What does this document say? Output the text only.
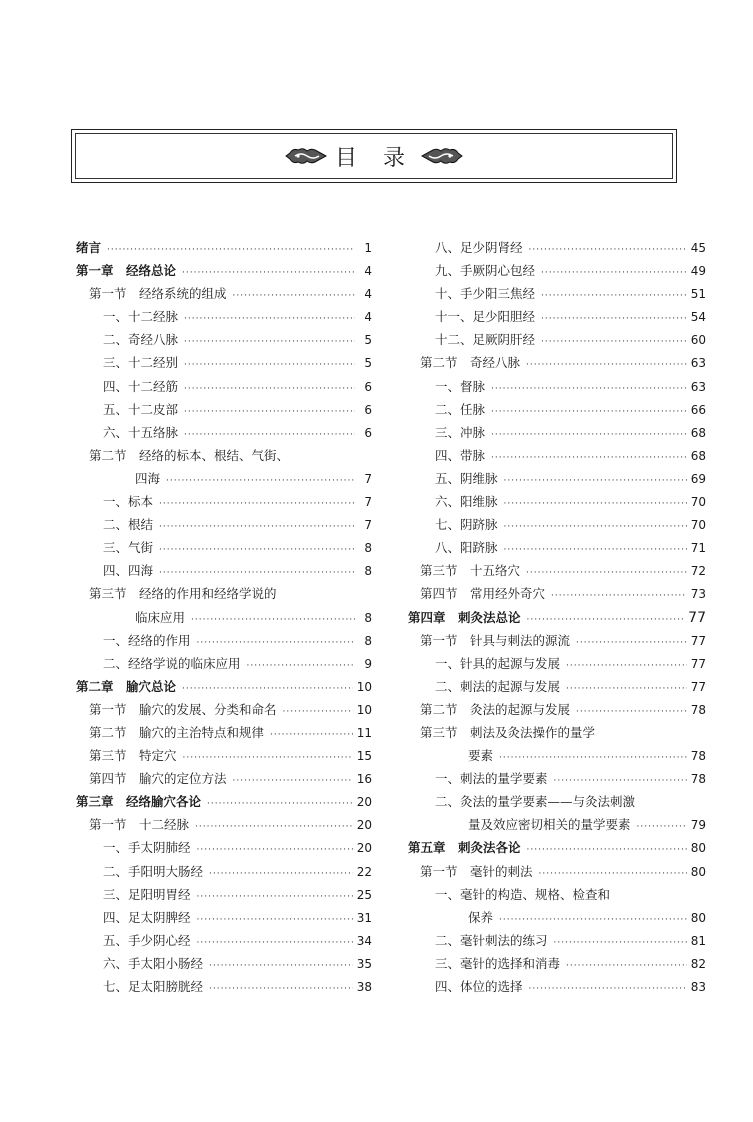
目录
绪言 ·····	1
第一章　经络总论 ·····	4
第一节　经络系统的组成 ·····	4
一、十二经脉 ·····	4
二、奇经八脉 ·····	5
三、十二经别 ·····	5
四、十二经筋 ·····	6
五、十二皮部 ·····	6
六、十五络脉 ·····	6
第二节　经络的标本、根结、气街、
四海 ·····	7
一、标本 ·····	7
二、根结 ·····	7
三、气街 ·····	8
四、四海 ·····	8
第三节　经络的作用和经络学说的
临床应用 ·····	8
一、经络的作用 ·····	8
二、经络学说的临床应用 ·····	9
第二章　腧穴总论 ·····	10
第一节　腧穴的发展、分类和命名 ·····	10
第二节　腧穴的主治特点和规律 ·····	11
第三节　特定穴 ·····	15
第四节　腧穴的定位方法 ·····	16
第三章　经络腧穴各论 ·····	20
第一节　十二经脉 ·····	20
一、手太阴肺经 ·····	20
二、手阳明大肠经 ·····	22
三、足阳明胃经 ·····	25
四、足太阴脾经 ·····	31
五、手少阴心经 ·····	34
六、手太阳小肠经 ·····	35
七、足太阳膀胱经 ·····	38
八、足少阴肾经 ·····	45
九、手厥阴心包经 ·····	49
十、手少阳三焦经 ·····	51
十一、足少阳胆经 ·····	54
十二、足厥阴肝经 ·····	60
第二节　奇经八脉 ·····	63
一、督脉 ·····	63
二、任脉 ·····	66
三、冲脉 ·····	68
四、带脉 ·····	68
五、阴维脉 ·····	69
六、阳维脉 ·····	70
七、阴跻脉 ·····	70
八、阳跻脉 ·····	71
第三节　十五络穴 ·····	72
第四节　常用经外奇穴 ·····	73
第四章　刺灸法总论 ·····	77
第一节　针具与刺法的源流 ·····	77
一、针具的起源与发展 ·····	77
二、刺法的起源与发展 ·····	77
第二节　灸法的起源与发展 ·····	78
第三节　刺法及灸法操作的量学
要素 ·····	78
一、刺法的量学要素 ·····	78
二、灸法的量学要素——与灸法刺激
量及效应密切相关的量学要素 ·····	79
第五章　刺灸法各论 ·····	80
第一节　毫针的刺法 ·····	80
一、毫针的构造、规格、检查和
保养 ·····	80
二、毫针刺法的练习 ·····	81
三、毫针的选择和消毒 ·····	82
四、体位的选择 ·····	83
